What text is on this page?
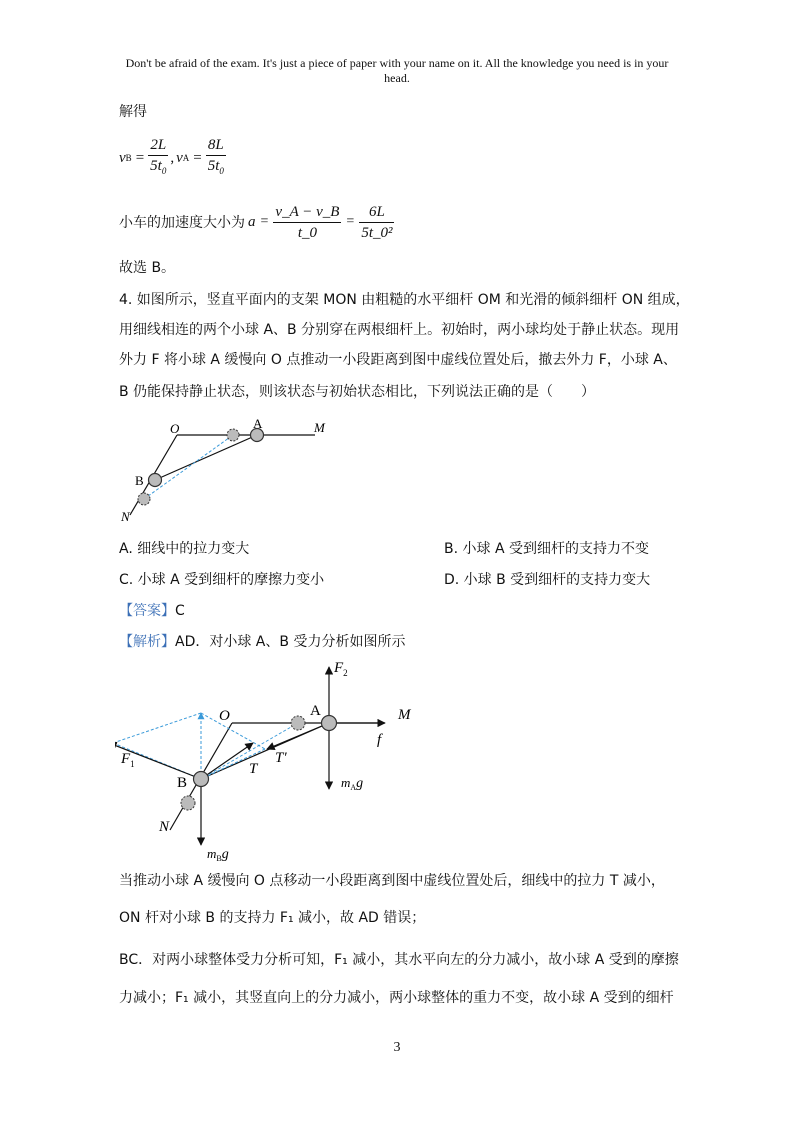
Don't be afraid of the exam. It's just a piece of paper with your name on it. All the knowledge you need is in your
head.
解得
v $B = \frac{2L}{5t_0}$ , v $A = \frac{8L}{5t_0}$
小车的加速度大小为 $a = \frac{v\_A - v\_B}{t\_0} = \frac{6L}{\text{5t\_0²}}$
故选 B。
4. 如图所示，竖直平面内的支架 MON 由粗糙的水平细杆 OM 和光滑的倾斜细杆 ON 组成，
用细线相连的两个小球 A、B 分别穿在两根细杆上。初始时，两小球均处于静止状态。现用
外力 F 将小球 A 缓慢向 O 点推动一小段距离到图中虚线位置处后，撤去外力 F，小球 A、
B 仍能保持静止状态，则该状态与初始状态相比，下列说法正确的是（　　）
O	A	M
B
N
A. 细线中的拉力变大	B. 小球 A 受到细杆的支持力不变
C. 小球 A 受到细杆的摩擦力变小	D. 小球 B 受到细杆的支持力变大
【答案】C
【解析】AD．对小球 A、B 受力分析如图所示
$F_2$
O	A	M
f
$F_1$	T
T′
B	$m_Ag$
N
$m_Bg$
当推动小球 A 缓慢向 O 点移动一小段距离到图中虚线位置处后，细线中的拉力 T 减小，
ON 杆对小球 B 的支持力 F₁ 减小，故 AD 错误；
BC．对两小球整体受力分析可知，F₁ 减小，其水平向左的分力减小，故小球 A 受到的摩擦
力减小；F₁ 减小，其竖直向上的分力减小，两小球整体的重力不变，故小球 A 受到的细杆
3
